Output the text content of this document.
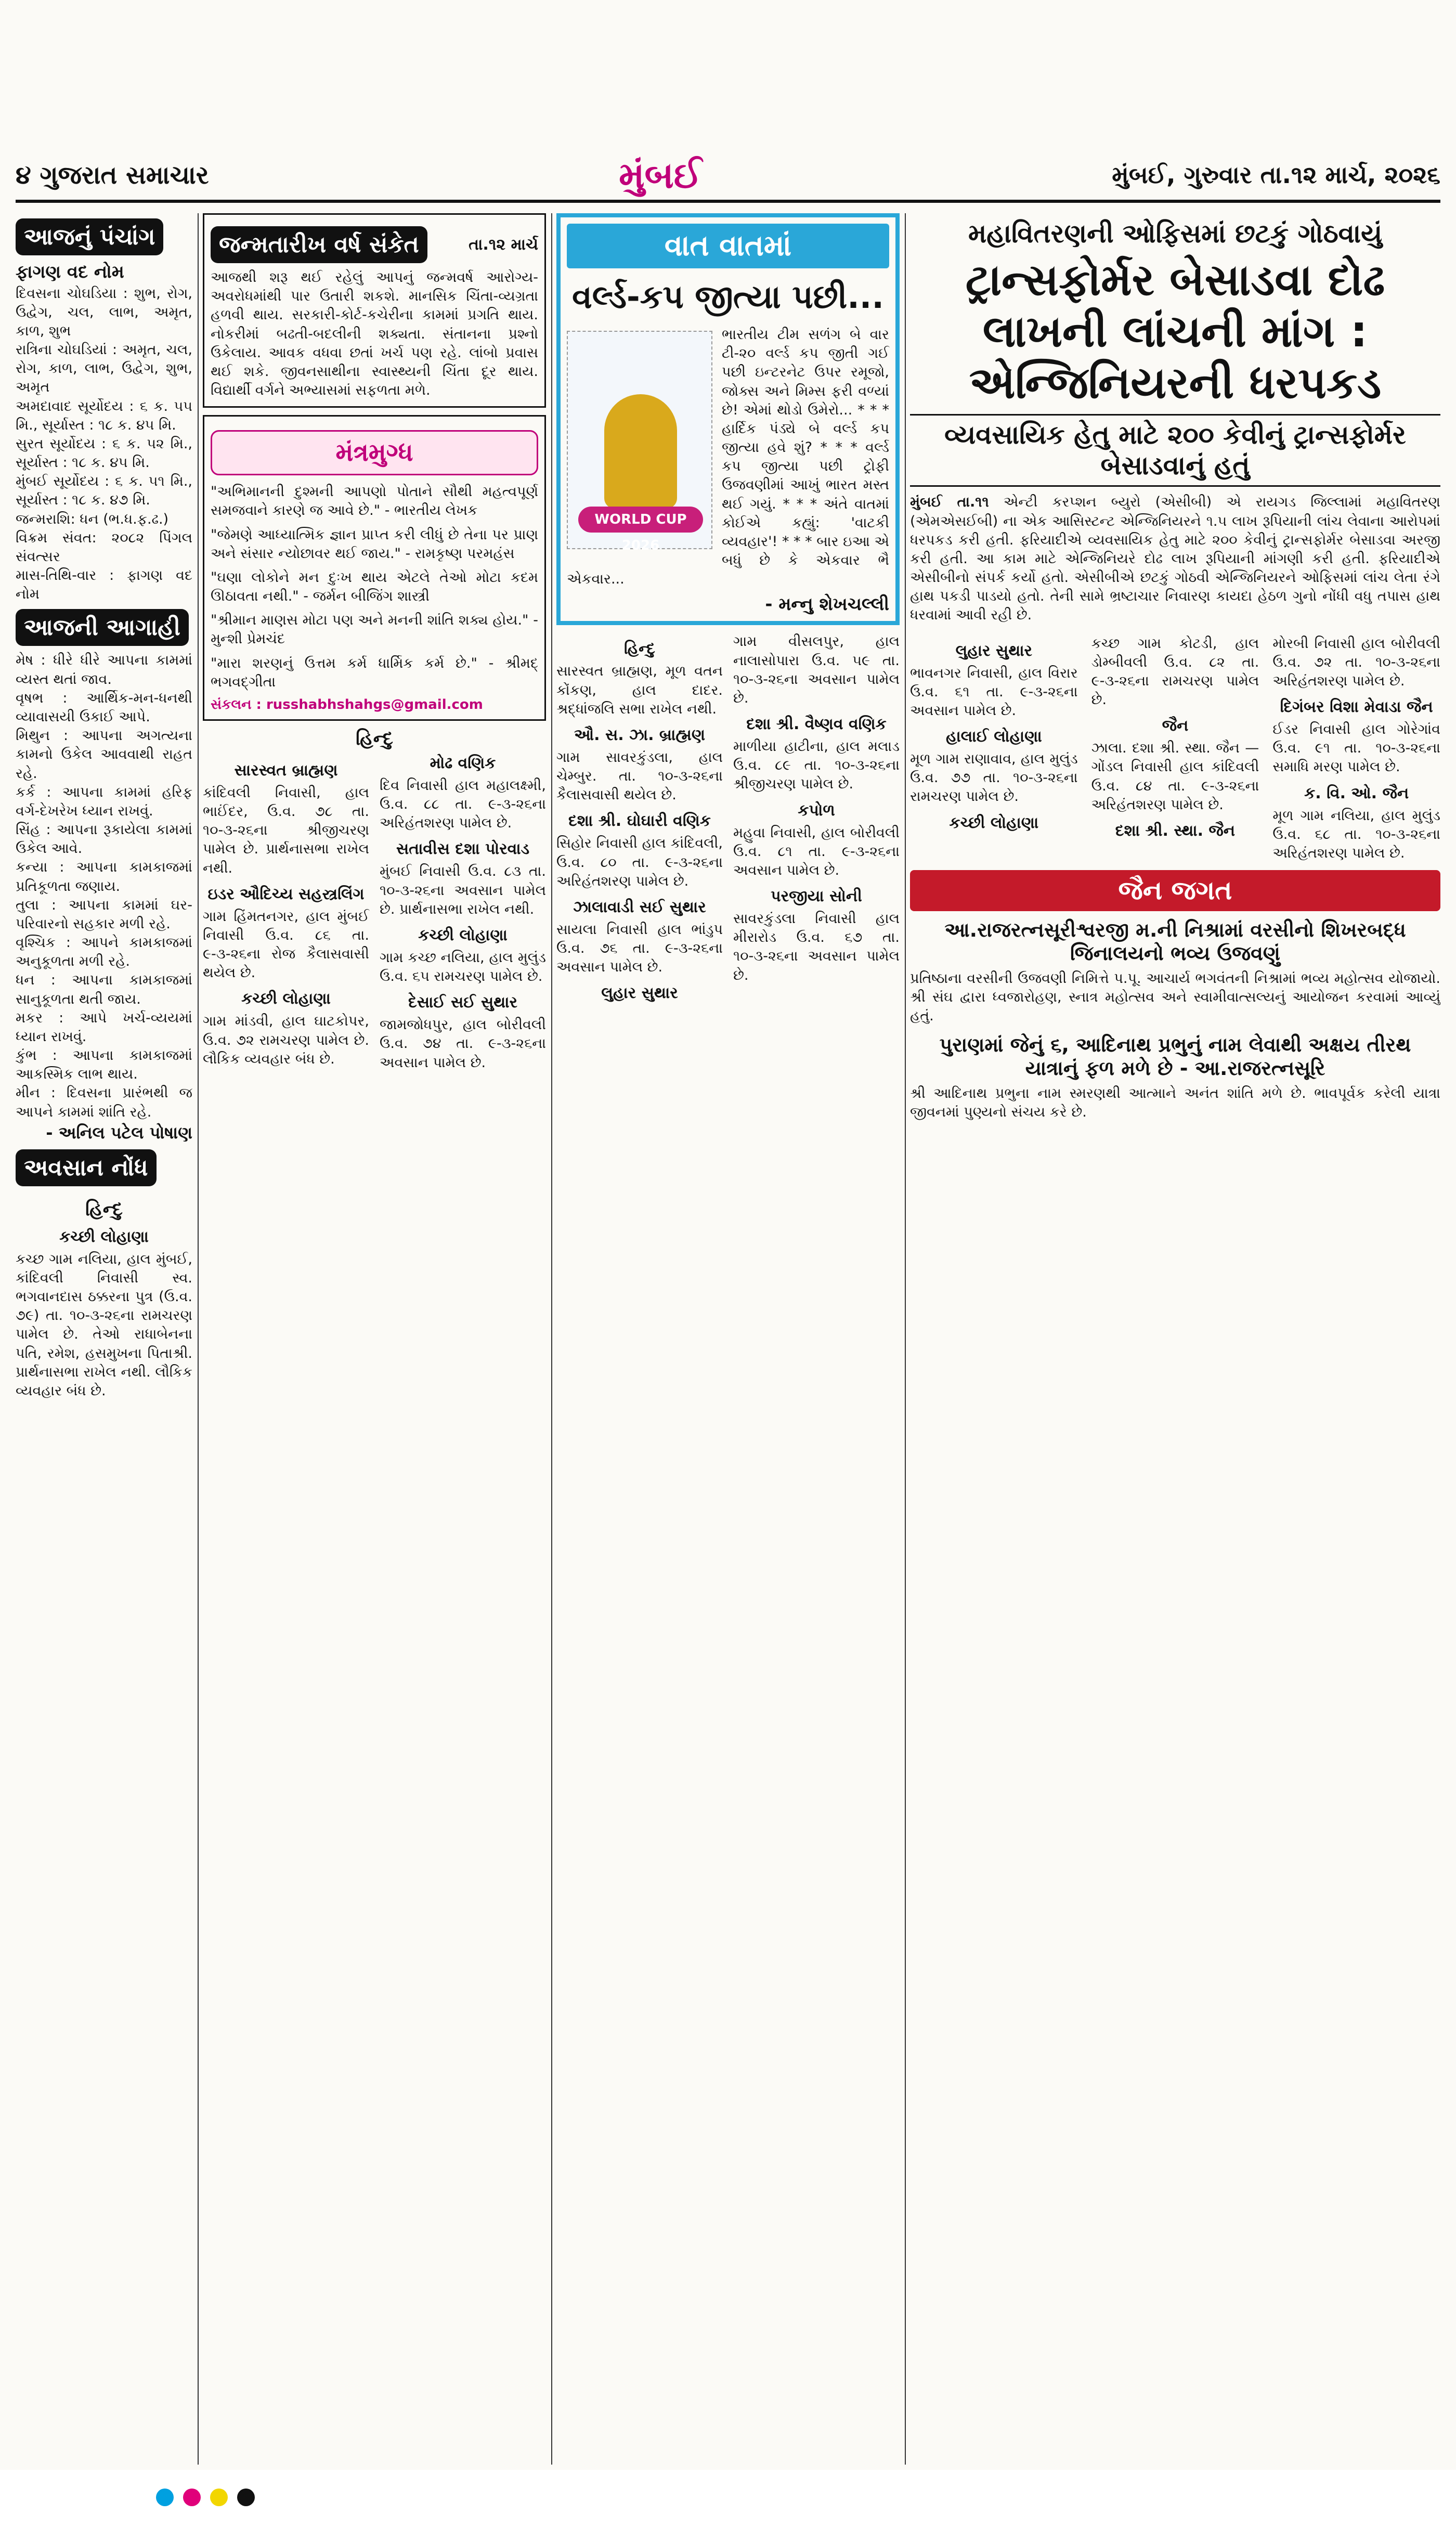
૪ ગુજરાત સમાચાર	મુંબઈ	મુંબઈ, ગુરુવાર તા.૧૨ માર્ચ, ૨૦૨૬
આજનું પંચાંગ

ફાગણ વદ નોમ

દિવસના ચોઘડિયા : શુભ, રોગ, ઉદ્વેગ, ચલ, લાભ, અમૃત, કાળ, શુભ

રાત્રિના ચોઘડિયાં : અમૃત, ચલ, રોગ, કાળ, લાભ, ઉદ્વેગ, શુભ, અમૃત

અમદાવાદ સૂર્યોદય : ૬ ક. ૫૫ મિ., સૂર્યાસ્ત : ૧૮ ક. ૪૫ મિ.

સુરત સૂર્યોદય : ૬ ક. ૫૨ મિ., સૂર્યાસ્ત : ૧૮ ક. ૪૫ મિ.

મુંબઈ સૂર્યોદય : ૬ ક. ૫૧ મિ., સૂર્યાસ્ત : ૧૮ ક. ૪૭ મિ.

જન્મરાશિ: ધન (ભ.ધ.ફ.ઢ.)

વિક્રમ સંવત: ૨૦૮૨ પિંગલ સંવત્સર

માસ-તિથિ-વાર : ફાગણ વદ નોમ

આજની આગાહી

મેષ : ધીરે ધીરે આપના કામમાં વ્યસ્ત થતાં જાવ.

વૃષભ : આર્થિક-મન-ધનથી વ્યાવાસયી ઉકાઈ આપે.

મિથુન : આપના અગત્યના કામનો ઉકેલ આવવાથી રાહત રહે.

કર્ક : આપના કામમાં હરિફ વર્ગ-દેખરેખ ધ્યાન રાખવું.

સિંહ : આપના રૂકાયેલા કામમાં ઉકેલ આવે.

કન્યા : આપના કામકાજમાં પ્રતિકૂળતા જણાય.

તુલા : આપના કામમાં ઘર-પરિવારનો સહકાર મળી રહે.

વૃશ્ચિક : આપને કામકાજમાં અનુકૂળતા મળી રહે.

ધન : આપના કામકાજમાં સાનુકૂળતા થતી જાય.

મકર : આપે ખર્ચ-વ્યયમાં ધ્યાન રાખવું.

કુંભ : આપના કામકાજમાં આકસ્મિક લાભ થાય.

મીન : દિવસના પ્રારંભથી જ આપને કામમાં શાંતિ રહે.

- અનિલ પટેલ પોષાણ

અવસાન નોંધ
હિન્દુ
કચ્છી લોહાણા

કચ્છ ગામ નલિયા, હાલ મુંબઈ, કાંદિવલી નિવાસી સ્વ. ભગવાનદાસ ઠક્કરના પુત્ર (ઉ.વ. ૭૯) તા. ૧૦-૩-૨૬ના રામચરણ પામેલ છે. તેઓ રાધાબેનના પતિ, રમેશ, હસમુખના પિતાશ્રી. પ્રાર્થનાસભા રાખેલ નથી. લૌકિક વ્યવહાર બંધ છે.

જન્મતારીખ વર્ષ સંકેત	તા.૧૨ માર્ચ

આજથી શરૂ થઈ રહેલું આપનું જન્મવર્ષ આરોગ્ય-અવરોધમાંથી પાર ઉતારી શકશે. માનસિક ચિંતા-વ્યગ્રતા હળવી થાય. સરકારી-કોર્ટ-કચેરીના કામમાં પ્રગતિ થાય. નોકરીમાં બઢતી-બદલીની શક્યતા. સંતાનના પ્રશ્નો ઉકેલાય. આવક વધવા છતાં ખર્ચ પણ રહે. લાંબો પ્રવાસ થઈ શકે. જીવનસાથીના સ્વાસ્થ્યની ચિંતા દૂર થાય. વિદ્યાર્થી વર્ગને અભ્યાસમાં સફળતા મળે.

મંત્રમુગ્ધ

"અભિમાનની દુશ્મની આપણો પોતાને સૌથી મહત્વપૂર્ણ સમજવાને કારણે જ આવે છે." - ભારતીય લેખક

"જેમણે આધ્યાત્મિક જ્ઞાન પ્રાપ્ત કરી લીધું છે તેના પર પ્રાણ અને સંસાર ન્યોછાવર થઈ જાય." - રામકૃષ્ણ પરમહંસ

"ઘણા લોકોને મન દુઃખ થાય એટલે તેઓ મોટા કદમ ઊઠાવતા નથી." - જર્મન બીજિંગ શાસ્ત્રી

"શ્રીમાન માણસ મોટા પણ અને મનની શાંતિ શક્ય હોય." - મુન્શી પ્રેમચંદ

"મારા શરણનું ઉત્તમ કર્મ ધાર્મિક કર્મ છે." - શ્રીમદ્ ભગવદ્ગીતા

સંકલન : russhabhshahgs@gmail.com

હિન્દુ
સારસ્વત બ્રાહ્મણ

કાંદિવલી નિવાસી, હાલ ભાઈંદર, ઉ.વ. ૭૮ તા. ૧૦-૩-૨૬ના શ્રીજીચરણ પામેલ છે. પ્રાર્થનાસભા રાખેલ નથી.

ઇડર ઔદિચ્ય સહસ્ત્રલિંગ

ગામ હિંમતનગર, હાલ મુંબઈ નિવાસી ઉ.વ. ૮૬ તા. ૯-૩-૨૬ના રોજ કૈલાસવાસી થયેલ છે.

કચ્છી લોહાણા

ગામ માંડવી, હાલ ઘાટકોપર, ઉ.વ. ૭૨ રામચરણ પામેલ છે. લૌકિક વ્યવહાર બંધ છે.

મોઢ વણિક

દિવ નિવાસી હાલ મહાલક્ષ્મી, ઉ.વ. ૮૮ તા. ૯-૩-૨૬ના અરિહંતશરણ પામેલ છે.

સતાવીસ દશા પોરવાડ

મુંબઈ નિવાસી ઉ.વ. ૮૩ તા. ૧૦-૩-૨૬ના અવસાન પામેલ છે. પ્રાર્થનાસભા રાખેલ નથી.

કચ્છી લોહાણા

ગામ કચ્છ નલિયા, હાલ મુલુંડ ઉ.વ. ૬૫ રામચરણ પામેલ છે.

દેસાઈ સઈ સુથાર

જામજોધપુર, હાલ બોરીવલી ઉ.વ. ૭૪ તા. ૯-૩-૨૬ના અવસાન પામેલ છે.

વાત વાતમાં
વર્લ્ડ-કપ જીત્યા પછી...
WORLD CUP 2026

ભારતીય ટીમ સળંગ બે વાર ટી-૨૦ વર્લ્ડ કપ જીતી ગઈ પછી ઇન્ટરનેટ ઉપર રમૂજો, જોક્સ અને મિમ્સ ફરી વળ્યાં છે! એમાં થોડો ઉમેરો... * * * હાર્દિક પંડ્યે બે વર્લ્ડ કપ જીત્યા હવે શું? * * * વર્લ્ડ કપ જીત્યા પછી ટ્રોફી ઉજવણીમાં આખું ભારત મસ્ત થઈ ગયું. * * * અંતે વાતમાં કોઈએ કહ્યું: 'વાટકી વ્યવહાર'! * * * બાર ઇઆ એ બધું છે કે એકવાર ભૈ એકવાર...

- મન્નુ શેખચલ્લી

હિન્દુ

સારસ્વત બ્રાહ્મણ, મૂળ વતન કોંકણ, હાલ દાદર. શ્રદ્ધાંજલિ સભા રાખેલ નથી.

ઔ. સ. ઝા. બ્રાહ્મણ

ગામ સાવરકુંડલા, હાલ ચેમ્બુર. તા. ૧૦-૩-૨૬ના કૈલાસવાસી થયેલ છે.

દશા શ્રી. ઘોઘારી વણિક

સિહોર નિવાસી હાલ કાંદિવલી, ઉ.વ. ૮૦ તા. ૯-૩-૨૬ના અરિહંતશરણ પામેલ છે.

ઝાલાવાડી સઈ સુથાર

સાયલા નિવાસી હાલ ભાંડુપ ઉ.વ. ૭૬ તા. ૯-૩-૨૬ના અવસાન પામેલ છે.

લુહાર સુથાર

ગામ વીસલપુર, હાલ નાલાસોપારા ઉ.વ. ૫૯ તા. ૧૦-૩-૨૬ના અવસાન પામેલ છે.

દશા શ્રી. વૈષ્ણવ વણિક

માળીયા હાટીના, હાલ મલાડ ઉ.વ. ૮૯ તા. ૧૦-૩-૨૬ના શ્રીજીચરણ પામેલ છે.

કપોળ

મહુવા નિવાસી, હાલ બોરીવલી ઉ.વ. ૮૧ તા. ૯-૩-૨૬ના અવસાન પામેલ છે.

પરજીયા સોની

સાવરકુંડલા નિવાસી હાલ મીરારોડ ઉ.વ. ૬૭ તા. ૧૦-૩-૨૬ના અવસાન પામેલ છે.

મહાવિતરણની ઓફિસમાં છટકું ગોઠવાયું
ટ્રાન્સફોર્મર બેસાડવા દોઢ લાખની લાંચની માંગ : એન્જિનિયરની ધરપકડ
વ્યવસાયિક હેતુ માટે ૨૦૦ કેવીનું ટ્રાન્સફોર્મર બેસાડવાનું હતું
મુંબઈ તા.૧૧ એન્ટી કરપ્શન બ્યુરો (એસીબી) એ રાયગડ જિલ્લામાં મહાવિતરણ (એમએસઈબી) ના એક આસિસ્ટન્ટ એન્જિનિયરને ૧.૫ લાખ રૂપિયાની લાંચ લેવાના આરોપમાં ધરપકડ કરી હતી. ફરિયાદીએ વ્યવસાયિક હેતુ માટે ૨૦૦ કેવીનું ટ્રાન્સફોર્મર બેસાડવા અરજી કરી હતી. આ કામ માટે એન્જિનિયરે દોઢ લાખ રૂપિયાની માંગણી કરી હતી. ફરિયાદીએ એસીબીનો સંપર્ક કર્યો હતો. એસીબીએ છટકું ગોઠવી એન્જિનિયરને ઓફિસમાં લાંચ લેતા રંગે હાથ પકડી પાડયો હતો. તેની સામે ભ્રષ્ટાચાર નિવારણ કાયદા હેઠળ ગુનો નોંધી વધુ તપાસ હાથ ધરવામાં આવી રહી છે.
લુહાર સુથાર

ભાવનગર નિવાસી, હાલ વિરાર ઉ.વ. ૬૧ તા. ૯-૩-૨૬ના અવસાન પામેલ છે.

હાલાઈ લોહાણા

મૂળ ગામ રાણાવાવ, હાલ મુલુંડ ઉ.વ. ૭૭ તા. ૧૦-૩-૨૬ના રામચરણ પામેલ છે.

કચ્છી લોહાણા

કચ્છ ગામ કોટડી, હાલ ડોમ્બીવલી ઉ.વ. ૮૨ તા. ૯-૩-૨૬ના રામચરણ પામેલ છે.

જૈન

ઝાલા. દશા શ્રી. સ્થા. જૈન — ગોંડલ નિવાસી હાલ કાંદિવલી ઉ.વ. ૮૪ તા. ૯-૩-૨૬ના અરિહંતશરણ પામેલ છે.

દશા શ્રી. સ્થા. જૈન

મોરબી નિવાસી હાલ બોરીવલી ઉ.વ. ૭૨ તા. ૧૦-૩-૨૬ના અરિહંતશરણ પામેલ છે.

દિગંબર વિશા મેવાડા જૈન

ઈડર નિવાસી હાલ ગોરેગાંવ ઉ.વ. ૯૧ તા. ૧૦-૩-૨૬ના સમાધિ મરણ પામેલ છે.

ક. વિ. ઓ. જૈન

મૂળ ગામ નલિયા, હાલ મુલુંડ ઉ.વ. ૬૮ તા. ૧૦-૩-૨૬ના અરિહંતશરણ પામેલ છે.

જૈન જગત
આ.રાજરત્નસૂરીશ્વરજી મ.ની નિશ્રામાં વરસીનો શિખરબદ્ધ જિનાલયનો ભવ્ય ઉજવણું

પ્રતિષ્ઠાના વરસીની ઉજવણી નિમિત્તે પ.પૂ. આચાર્ય ભગવંતની નિશ્રામાં ભવ્ય મહોત્સવ યોજાયો. શ્રી સંઘ દ્વારા ધ્વજારોહણ, સ્નાત્ર મહોત્સવ અને સ્વામીવાત્સલ્યનું આયોજન કરવામાં આવ્યું હતું.

પુરાણમાં જેનું ૬, આદિનાથ પ્રભુનું નામ લેવાથી અક્ષય તીરથ યાત્રાનું ફળ મળે છે - આ.રાજરત્નસૂરિ

શ્રી આદિનાથ પ્રભુના નામ સ્મરણથી આત્માને અનંત શાંતિ મળે છે. ભાવપૂર્વક કરેલી યાત્રા જીવનમાં પુણ્યનો સંચય કરે છે.
